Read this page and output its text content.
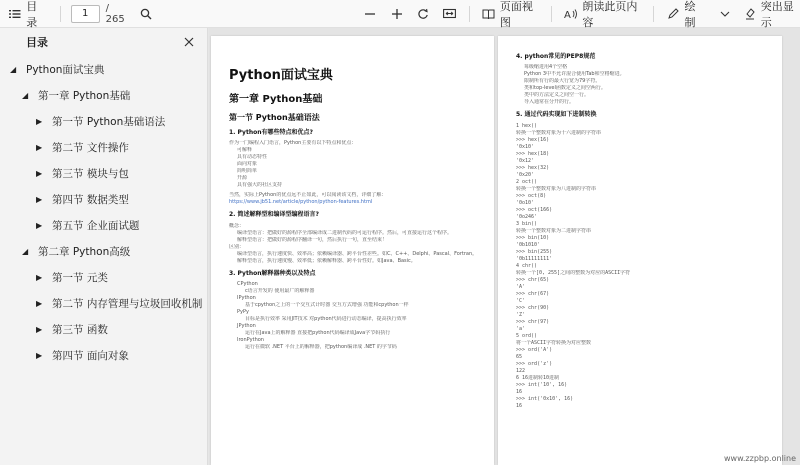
目录
1	/ 265
页面视图
A
朗读此页内容
绘制
突出显示
目录
◢ Python面试宝典
◢ 第一章 Python基础
▶ 第一节 Python基础语法
▶ 第二节 文件操作
▶ 第三节 模块与包
▶ 第四节 数据类型
▶ 第五节 企业面试题
◢ 第二章 Python高级
▶ 第一节 元类
▶ 第二节 内存管理与垃圾回收机制
▶ 第三节 函数
▶ 第四节 面向对象
Python面试宝典
第一章 Python基础
第一节 Python基础语法
1. Python有哪些特点和优点?
作为一门编程入门语言，Python主要有以下特点和优点：
可解释
具有动态特性
面向对象
简明简单
开源
具有强大的社区支持
当然，实际上Python的优点远不止如此，可以阅读该文档，详细了解：
https://www.jb51.net/article/python/python-features.html
2. 简述解释型和编译型编程语言?
概念：
编译型语言：把做好的源程序全部编译成二进制代码的可运行程序。然后，可直接运行这个程序。
解释型语言：把做好的源程序翻译一句，然后执行一句，直至结束！
区别：
编译型语言，执行速度快、效率高；依赖编译器、跨平台性差些。如C、C++、Delphi、Pascal、Fortran。
解释型语言，执行速度慢、效率低；依赖解释器、跨平台性好。如Java、Basic。
3. Python解释器种类以及特点
CPython
c语言开发的 使用最广的解释器
IPython
基于cpython之上的一个交互式计时器 交互方式增强 功能和cpython一样
PyPy
目标是执行效率 采用JIT技术 对python代码进行动态编译，提高执行效率
JPython
运行在Java上的解释器 直接把python代码编译成Java字节码执行
IronPython
运行在微软 .NET 平台上的解释器，把python编译成 .NET 的字节码
4. python常见的PEP8规范
每级缩进用4个空格
Python 3中不允许混合使用Tab和空格缩进。
限制所有行的最大行宽为79字符。
类和top-level函数定义之间空两行。
类中的方法定义之间空一行。
导入通常在分开的行。
5. 通过代码实现如下进制转换
1 hex()
转换一个整数对象为十六进制的字符串
>>> hex(16)
'0x10'
>>> hex(18)
'0x12'
>>> hex(32)
'0x20'
2 oct()
转换一个整数对象为八进制的字符串
>>> oct(8)
'0o10'
>>> oct(166)
'0o246'
3 bin()
转换一个整数对象为二进制字符串
>>> bin(10)
'0b1010'
>>> bin(255)
'0b11111111'
4 chr()
转换一个[0, 255]之间的整数为对应的ASCII字符
>>> chr(65)
'A'
>>> chr(67)
'C'
>>> chr(90)
'Z'
>>> chr(97)
'a'
5 ord()
将一个ASCII字符转换为对应整数
>>> ord('A')
65
>>> ord('z')
122
6 16进制转10进制
>>> int('10', 16)
16
>>> int('0x10', 16)
16
www.zzpbp.online
